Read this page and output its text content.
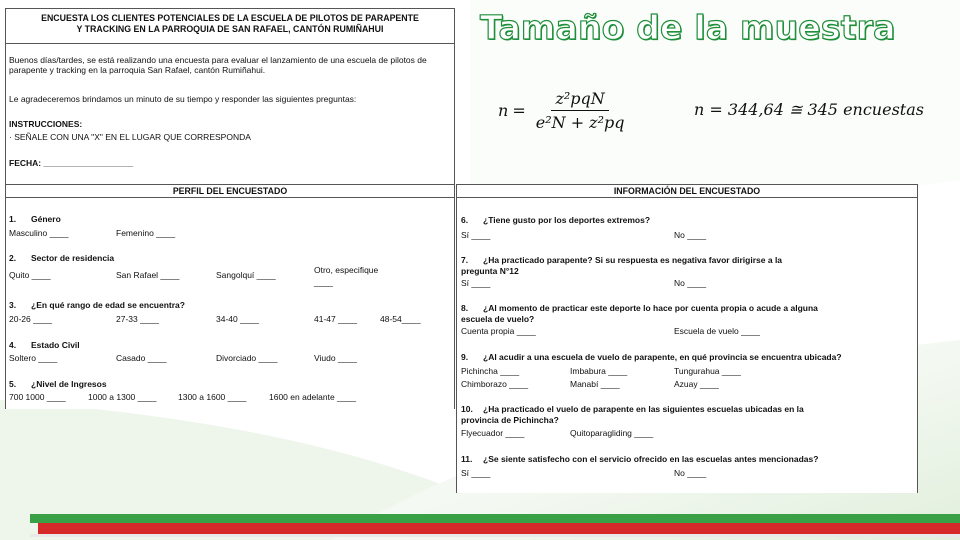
Tamaño de la muestra
$n = \frac{\text{z²pqN}}{\text{e²N + z²pq}}$	n = 344,64 ≅ 345 encuestas
ENCUESTA LOS CLIENTES POTENCIALES DE LA ESCUELA DE PILOTOS DE PARAPENTE
Y TRACKING EN LA PARROQUIA DE SAN RAFAEL, CANTÓN RUMIÑAHUI
Buenos días/tardes, se está realizando una encuesta para evaluar el lanzamiento de una escuela de pilotos de parapente y tracking en la parroquia San Rafael, cantón Rumiñahui.
Le agradeceremos brindamos un minuto de su tiempo y responder las siguientes preguntas:
INSTRUCCIONES:
· SEÑALE CON UNA "X" EN EL LUGAR QUE CORRESPONDA
FECHA: ___________________
PERFIL DEL ENCUESTADO
1. Género
Masculino ____	Femenino ____
2. Sector de residencia
Quito ____	San Rafael ____	Sangolquí ____	Otro, especifique
____
3. ¿En qué rango de edad se encuentra?
20-26 ____	27-33 ____	34-40 ____	41-47 ____	48-54____
4. Estado Civil
Soltero ____	Casado ____	Divorciado ____	Viudo ____
5. ¿Nivel de Ingresos
700 1000 ____	1000 a 1300 ____	1300 a 1600 ____	1600 en adelante ____
INFORMACIÓN DEL ENCUESTADO
6. ¿Tiene gusto por los deportes extremos?
Sí ____	No ____
7. ¿Ha practicado parapente? Si su respuesta es negativa favor dirigirse a la
pregunta N°12
Sí ____	No ____
8. ¿Al momento de practicar este deporte lo hace por cuenta propia o acude a alguna
escuela de vuelo?
Cuenta propia ____	Escuela de vuelo ____
9. ¿Al acudir a una escuela de vuelo de parapente, en qué provincia se encuentra ubicada?
Pichincha ____	Imbabura ____	Tungurahua ____
Chimborazo ____	Manabí ____	Azuay ____
10. ¿Ha practicado el vuelo de parapente en las siguientes escuelas ubicadas en la
provincia de Pichincha?
Flyecuador ____	Quitoparagliding ____
11. ¿Se siente satisfecho con el servicio ofrecido en las escuelas antes mencionadas?
Sí ____	No ____
